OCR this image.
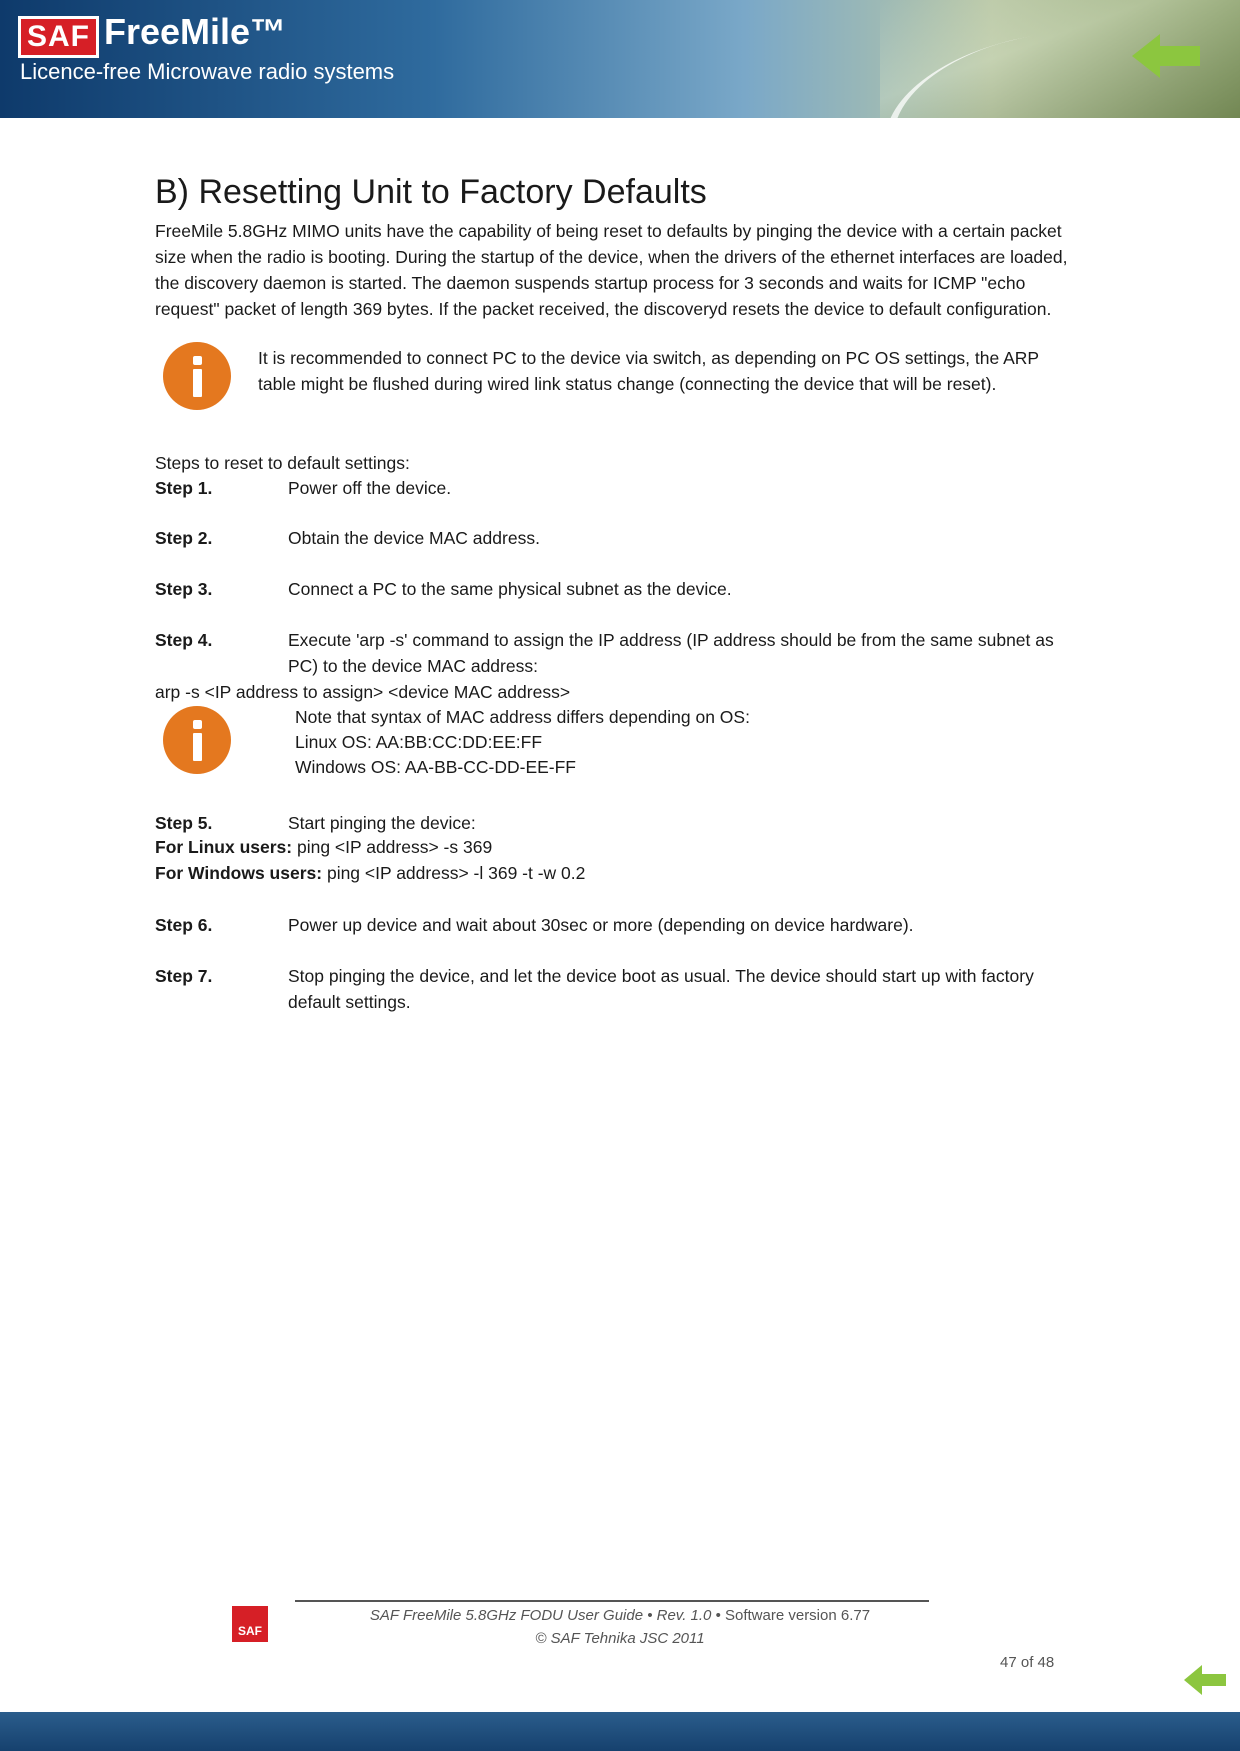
SAF FreeMile™
Licence-free Microwave radio systems
B) Resetting Unit to Factory Defaults
FreeMile 5.8GHz MIMO units have the capability of being reset to defaults by pinging the device with a certain packet size when the radio is booting. During the startup of the device, when the drivers of the ethernet interfaces are loaded, the discovery daemon is started. The daemon suspends startup process for 3 seconds and waits for ICMP "echo request" packet of length 369 bytes. If the packet received, the discoveryd resets the device to default configuration.
It is recommended to connect PC to the device via switch, as depending on PC OS settings, the ARP table might be flushed during wired link status change (connecting the device that will be reset).
Steps to reset to default settings:
Step 1.	Power off the device.
Step 2.	Obtain the device MAC address.
Step 3.	Connect a PC to the same physical subnet as the device.
Step 4.	Execute 'arp -s' command to assign the IP address (IP address should be from the same subnet as PC) to the device MAC address:
arp -s <IP address to assign> <device MAC address>
Note that syntax of MAC address differs depending on OS:
Linux OS: AA:BB:CC:DD:EE:FF
Windows OS: AA-BB-CC-DD-EE-FF
Step 5.	Start pinging the device:
For Linux users: ping <IP address> -s 369
For Windows users: ping <IP address> -l 369 -t -w 0.2
Step 6.	Power up device and wait about 30sec or more (depending on device hardware).
Step 7.	Stop pinging the device, and let the device boot as usual. The device should start up with factory default settings.
SAF
SAF FreeMile 5.8GHz FODU User Guide • Rev. 1.0 • Software version 6.77
© SAF Tehnika JSC 2011
47 of 48
